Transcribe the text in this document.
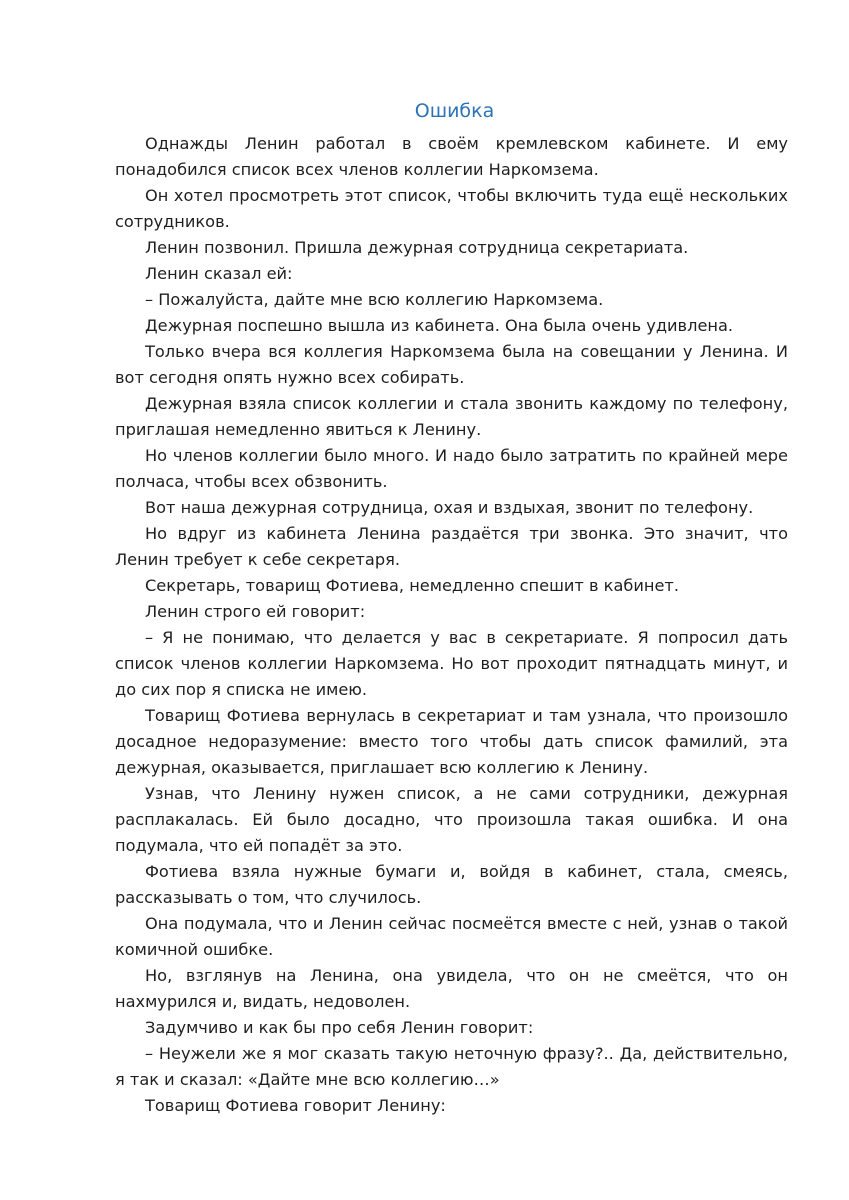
Ошибка

Однажды Ленин работал в своём кремлевском кабинете. И ему понадобился список всех членов коллегии Наркомзема.

Он хотел просмотреть этот список, чтобы включить туда ещё нескольких сотрудников.

Ленин позвонил. Пришла дежурная сотрудница секретариата.

Ленин сказал ей:

– Пожалуйста, дайте мне всю коллегию Наркомзема.

Дежурная поспешно вышла из кабинета. Она была очень удивлена.

Только вчера вся коллегия Наркомзема была на совещании у Ленина. И вот сегодня опять нужно всех собирать.

Дежурная взяла список коллегии и стала звонить каждому по телефону, приглашая немедленно явиться к Ленину.

Но членов коллегии было много. И надо было затратить по крайней мере полчаса, чтобы всех обзвонить.

Вот наша дежурная сотрудница, охая и вздыхая, звонит по телефону.

Но вдруг из кабинета Ленина раздаётся три звонка. Это значит, что Ленин требует к себе секретаря.

Секретарь, товарищ Фотиева, немедленно спешит в кабинет.

Ленин строго ей говорит:

– Я не понимаю, что делается у вас в секретариате. Я попросил дать список членов коллегии Наркомзема. Но вот проходит пятнадцать минут, и до сих пор я списка не имею.

Товарищ Фотиева вернулась в секретариат и там узнала, что произошло досадное недоразумение: вместо того чтобы дать список фамилий, эта дежурная, оказывается, приглашает всю коллегию к Ленину.

Узнав, что Ленину нужен список, а не сами сотрудники, дежурная расплакалась. Ей было досадно, что произошла такая ошибка. И она подумала, что ей попадёт за это.

Фотиева взяла нужные бумаги и, войдя в кабинет, стала, смеясь, рассказывать о том, что случилось.

Она подумала, что и Ленин сейчас посмеётся вместе с ней, узнав о такой комичной ошибке.

Но, взглянув на Ленина, она увидела, что он не смеётся, что он нахмурился и, видать, недоволен.

Задумчиво и как бы про себя Ленин говорит:

– Неужели же я мог сказать такую неточную фразу?.. Да, действительно, я так и сказал: «Дайте мне всю коллегию…»

Товарищ Фотиева говорит Ленину:
